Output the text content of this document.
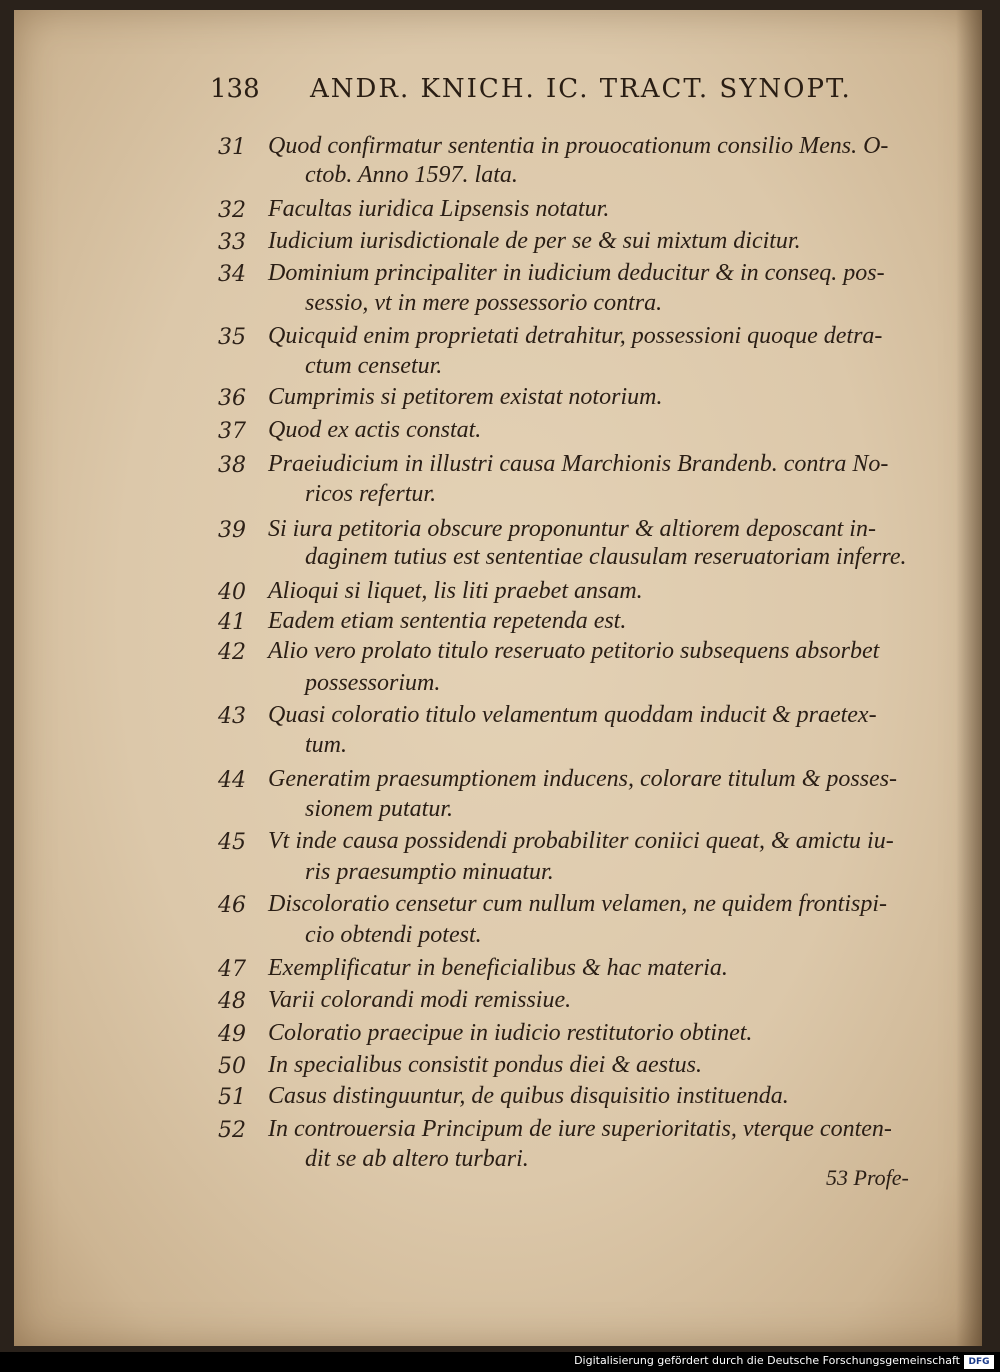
138 ANDR. KNICH. IC. TRACT. SYNOPT.
31 Quod confirmatur sententia in prouocationum consilio Mens. O-
ctob. Anno 1597. lata.
32 Facultas iuridica Lipsensis notatur.
33 Iudicium iurisdictionale de per se & sui mixtum dicitur.
34 Dominium principaliter in iudicium deducitur & in conseq. pos-
sessio, vt in mere possessorio contra.
35 Quicquid enim proprietati detrahitur, possessioni quoque detra-
ctum censetur.
36 Cumprimis si petitorem existat notorium.
37 Quod ex actis constat.
38 Praeiudicium in illustri causa Marchionis Brandenb. contra No-
ricos refertur.
39 Si iura petitoria obscure proponuntur & altiorem deposcant in-
daginem tutius est sententiae clausulam reseruatoriam inferre.
40 Alioqui si liquet, lis liti praebet ansam.
41 Eadem etiam sententia repetenda est.
42 Alio vero prolato titulo reseruato petitorio subsequens absorbet
possessorium.
43 Quasi coloratio titulo velamentum quoddam inducit & praetex-
tum.
44 Generatim praesumptionem inducens, colorare titulum & posses-
sionem putatur.
45 Vt inde causa possidendi probabiliter coniici queat, & amictu iu-
ris praesumptio minuatur.
46 Discoloratio censetur cum nullum velamen, ne quidem frontispi-
cio obtendi potest.
47 Exemplificatur in beneficialibus & hac materia.
48 Varii colorandi modi remissiue.
49 Coloratio praecipue in iudicio restitutorio obtinet.
50 In specialibus consistit pondus diei & aestus.
51 Casus distinguuntur, de quibus disquisitio instituenda.
52 In controuersia Principum de iure superioritatis, vterque conten-
dit se ab altero turbari.
53 Profe-
Digitalisierung gefördert durch die Deutsche Forschungsgemeinschaft DFG
